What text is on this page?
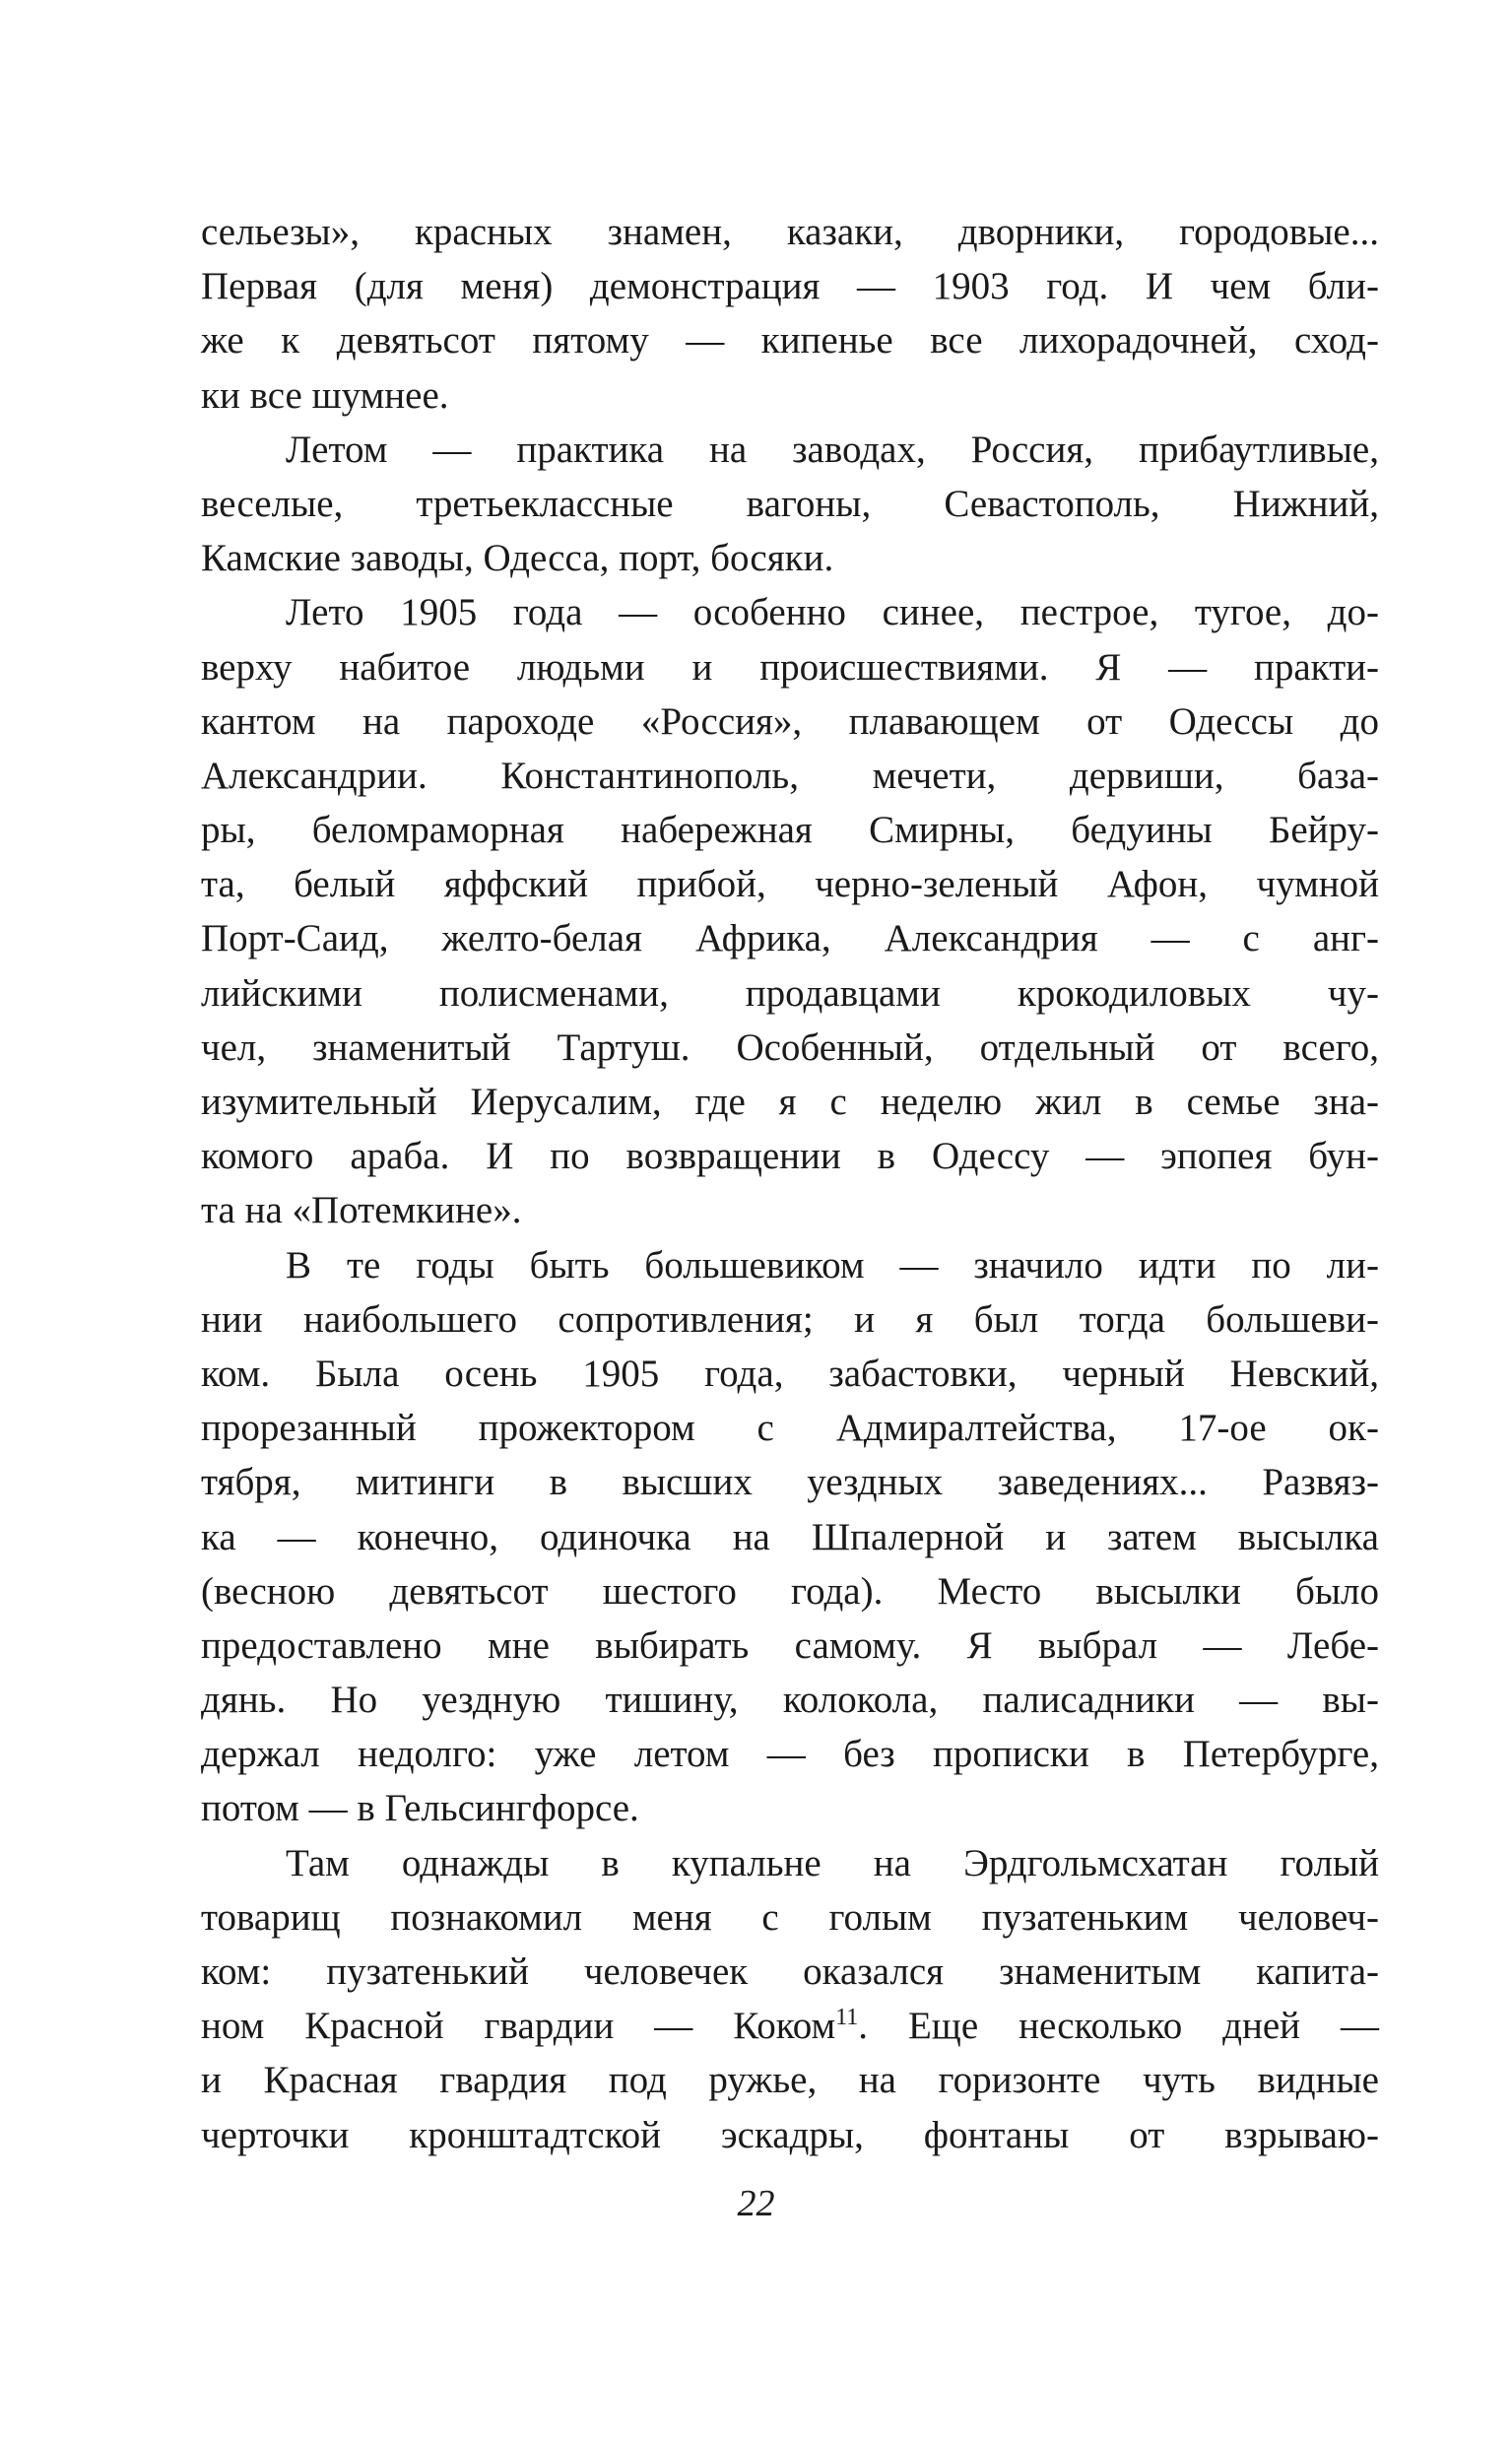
сельезы», красных знамен, казаки, дворники, городовые...
Первая (для меня) демонстрация — 1903 год. И чем бли-
же к девятьсот пятому — кипенье все лихорадочней, сход-
ки все шумнее.
Летом — практика на заводах, Россия, прибаутливые,
веселые, третьеклассные вагоны, Севастополь, Нижний,
Камские заводы, Одесса, порт, босяки.
Лето 1905 года — особенно синее, пестрое, тугое, до-
верху набитое людьми и происшествиями. Я — практи-
кантом на пароходе «Россия», плавающем от Одессы до
Александрии. Константинополь, мечети, дервиши, база-
ры, беломраморная набережная Смирны, бедуины Бейру-
та, белый яффский прибой, черно-зеленый Афон, чумной
Порт-Саид, желто-белая Африка, Александрия — с анг-
лийскими полисменами, продавцами крокодиловых чу-
чел, знаменитый Тартуш. Особенный, отдельный от всего,
изумительный Иерусалим, где я с неделю жил в семье зна-
комого араба. И по возвращении в Одессу — эпопея бун-
та на «Потемкине».
В те годы быть большевиком — значило идти по ли-
нии наибольшего сопротивления; и я был тогда большеви-
ком. Была осень 1905 года, забастовки, черный Невский,
прорезанный прожектором с Адмиралтейства, 17-ое ок-
тября, митинги в высших уездных заведениях... Развяз-
ка — конечно, одиночка на Шпалерной и затем высылка
(весною девятьсот шестого года). Место высылки было
предоставлено мне выбирать самому. Я выбрал — Лебе-
дянь. Но уездную тишину, колокола, палисадники — вы-
держал недолго: уже летом — без прописки в Петербурге,
потом — в Гельсингфорсе.
Там однажды в купальне на Эрдгольмсхатан голый
товарищ познакомил меня с голым пузатеньким человеч-
ком: пузатенький человечек оказался знаменитым капита-
ном Красной гвардии — Коком$^{11}$. Еще несколько дней —
и Красная гвардия под ружье, на горизонте чуть видные
черточки кронштадтской эскадры, фонтаны от взрываю-
22
